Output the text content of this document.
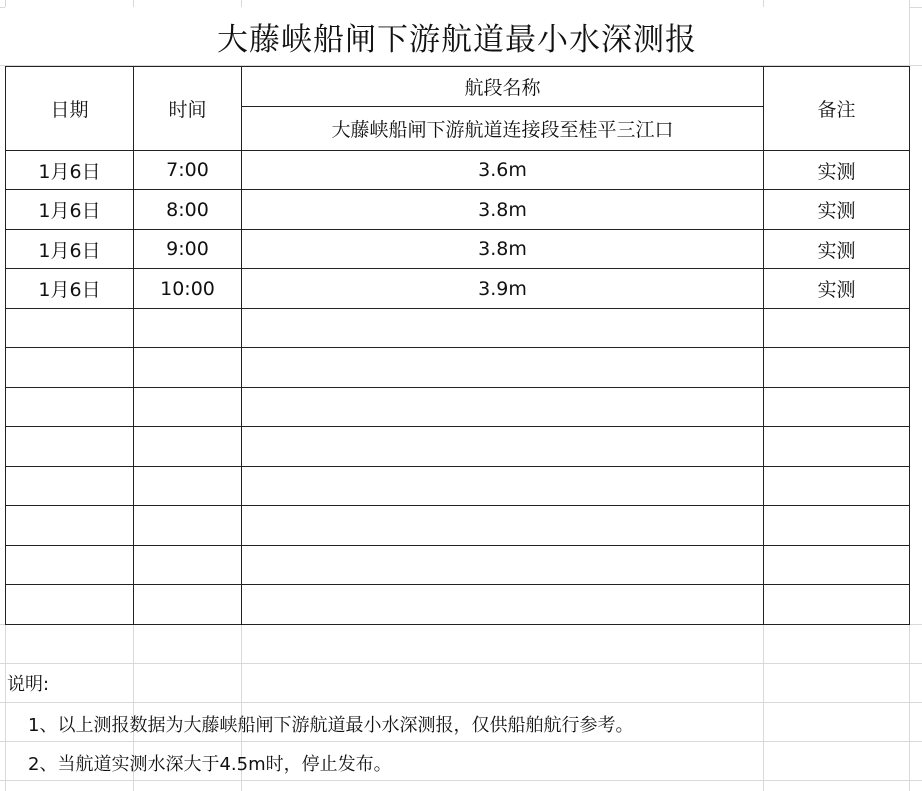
大藤峡船闸下游航道最小水深测报
日期	时间	航段名称	备注
		大藤峡船闸下游航道连接段至桂平三江口	
1月6日	7:00	3.6m	实测
1月6日	8:00	3.8m	实测
1月6日	9:00	3.8m	实测
1月6日	10:00	3.9m	实测

说明:
1、以上测报数据为大藤峡船闸下游航道最小水深测报，仅供船舶航行参考。
2、当航道实测水深大于4.5m时，停止发布。
